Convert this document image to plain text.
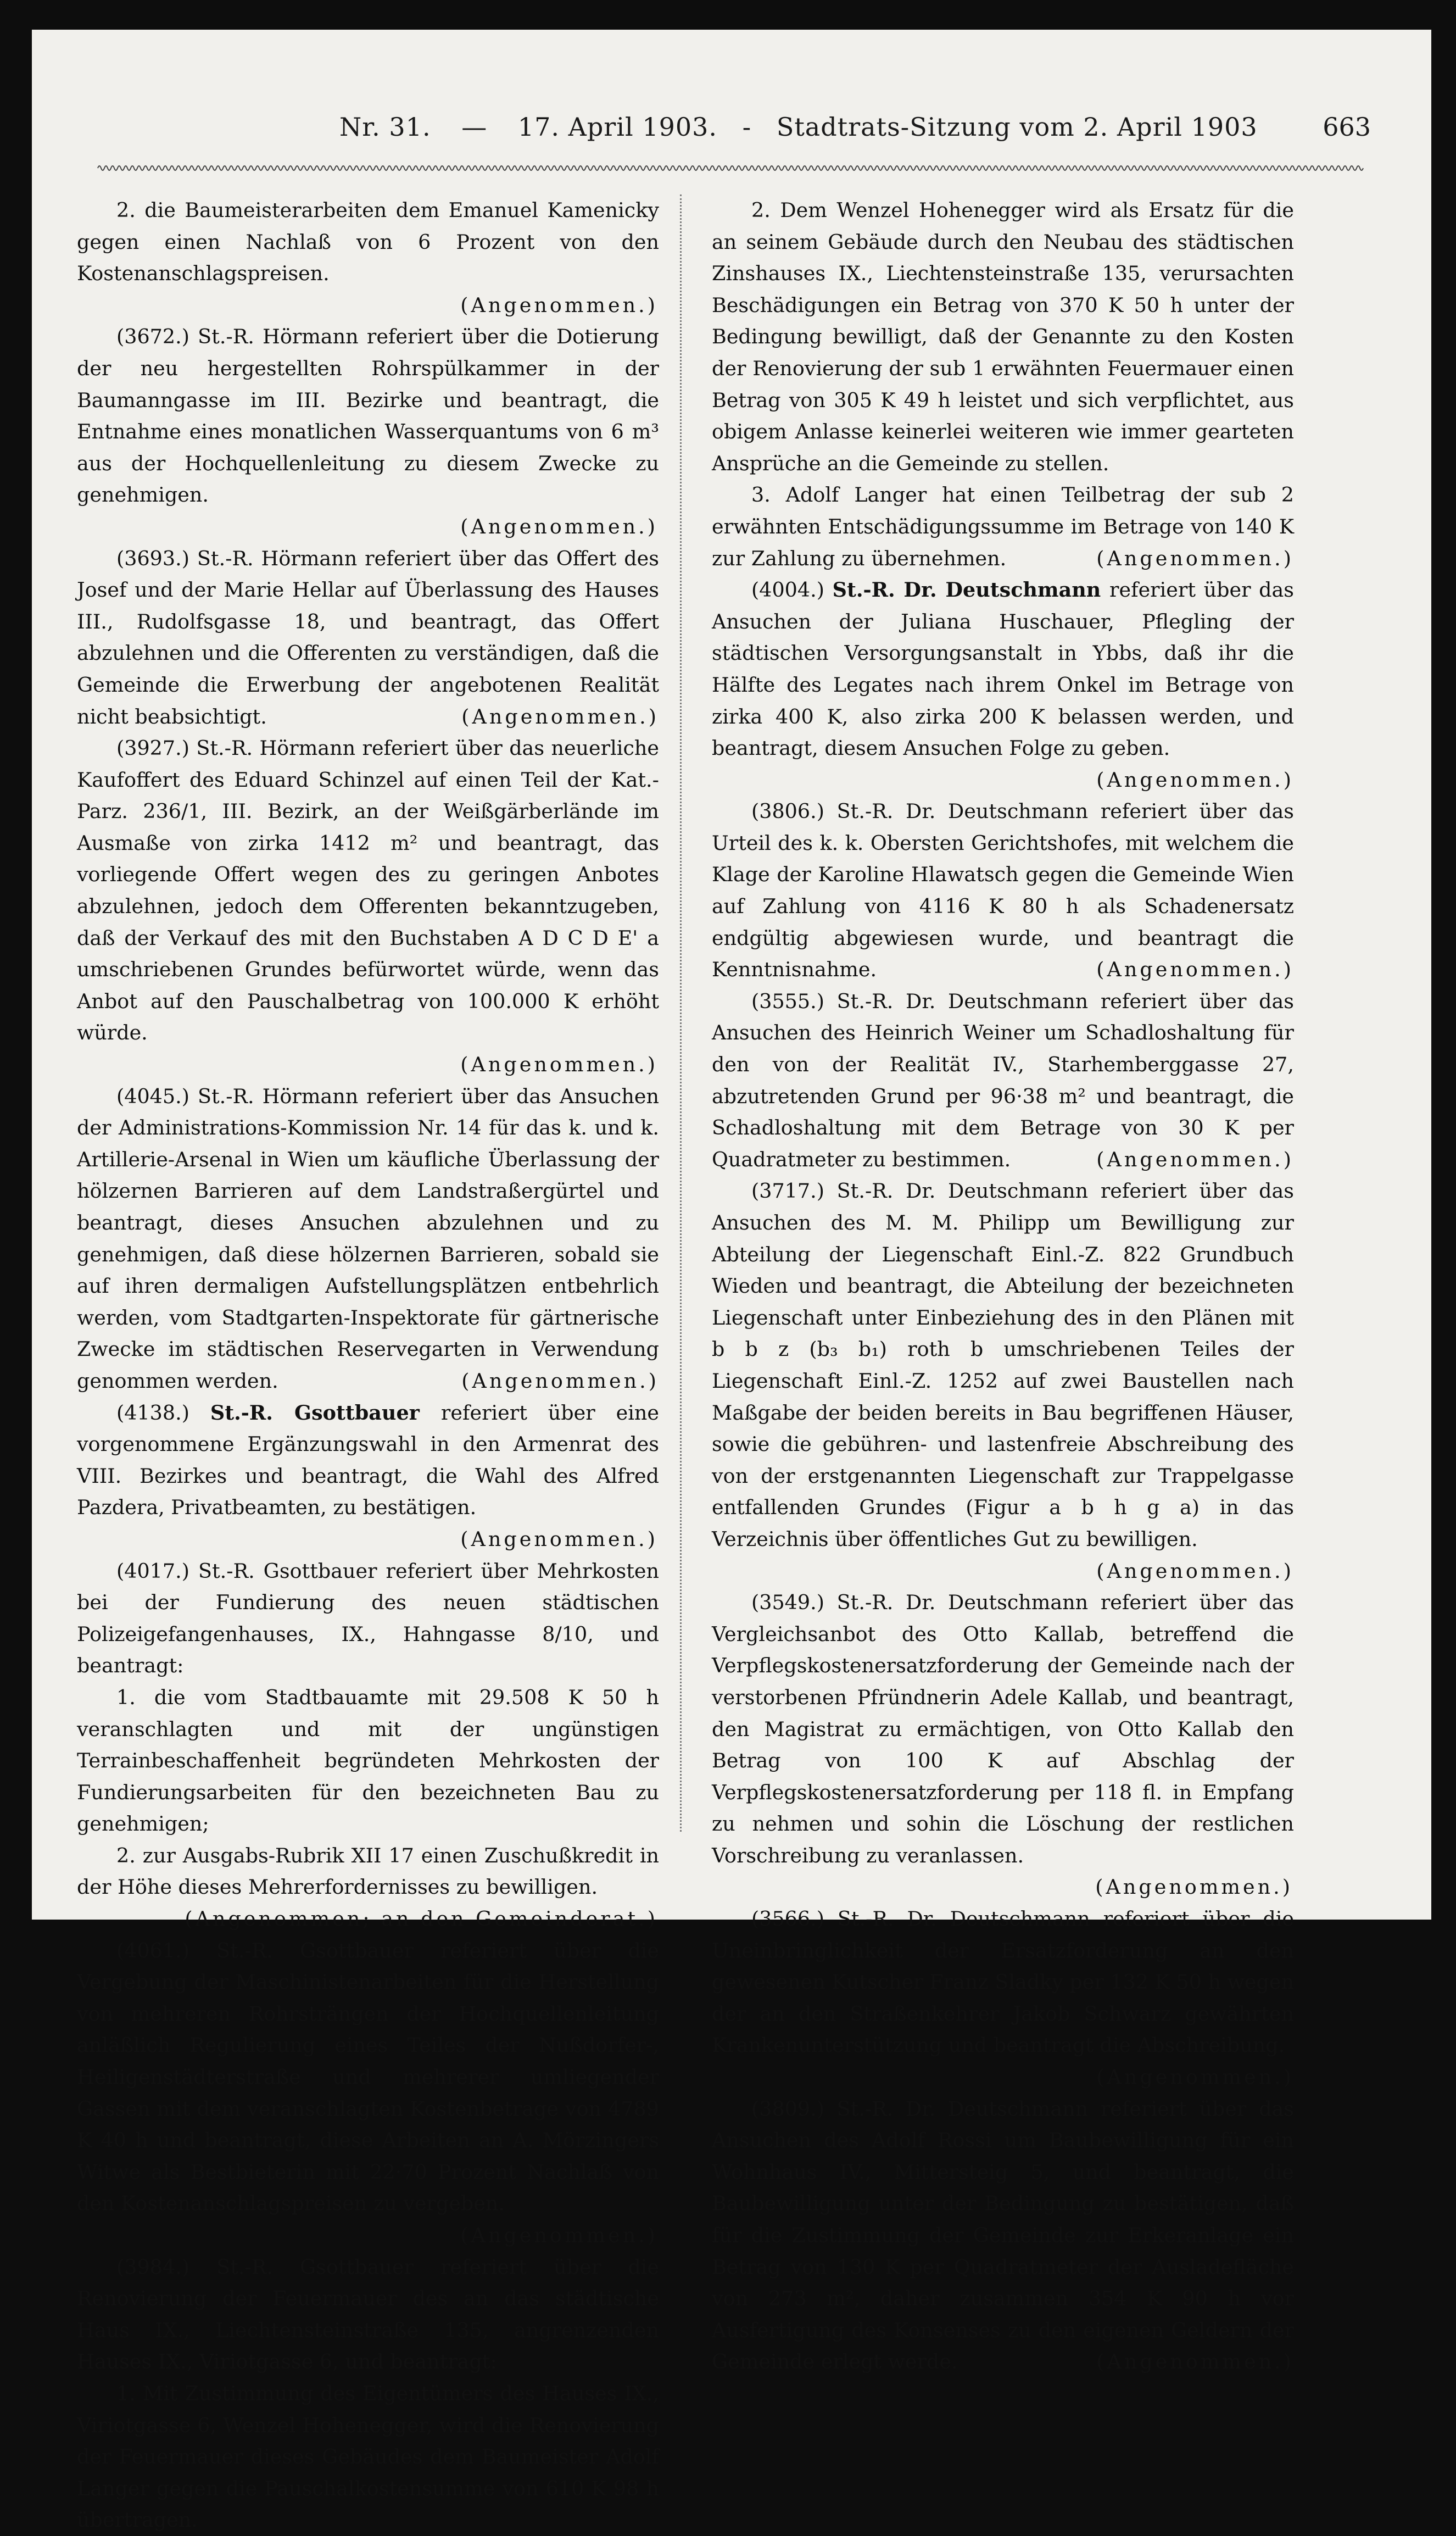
Nr. 31. — 17. April 1903. - Stadtrats-Sitzung vom 2. April 1903	663

2. die Baumeisterarbeiten dem Emanuel Kamenicky gegen einen Nachlaß von 6 Prozent von den Kostenanschlagspreisen.

(Angenommen.)

(3672.) St.-R. Hörmann referiert über die Dotierung der neu hergestellten Rohrspülkammer in der Baumanngasse im III. Bezirke und beantragt, die Entnahme eines monatlichen Wasserquantums von 6 m³ aus der Hochquellenleitung zu diesem Zwecke zu genehmigen.

(Angenommen.)

(3693.) St.-R. Hörmann referiert über das Offert des Josef und der Marie Hellar auf Überlassung des Hauses III., Rudolfsgasse 18, und beantragt, das Offert abzulehnen und die Offerenten zu verständigen, daß die Gemeinde die Erwerbung der angebotenen Realität nicht beabsichtigt.	(Angenommen.)

(3927.) St.-R. Hörmann referiert über das neuerliche Kaufoffert des Eduard Schinzel auf einen Teil der Kat.-Parz. 236/1, III. Bezirk, an der Weißgärberlände im Ausmaße von zirka 1412 m² und beantragt, das vorliegende Offert wegen des zu geringen Anbotes abzulehnen, jedoch dem Offerenten bekanntzugeben, daß der Verkauf des mit den Buchstaben A D C D E' a umschriebenen Grundes befürwortet würde, wenn das Anbot auf den Pauschalbetrag von 100.000 K erhöht würde.

(Angenommen.)

(4045.) St.-R. Hörmann referiert über das Ansuchen der Administrations-Kommission Nr. 14 für das k. und k. Artillerie-Arsenal in Wien um käufliche Überlassung der hölzernen Barrieren auf dem Landstraßergürtel und beantragt, dieses Ansuchen abzulehnen und zu genehmigen, daß diese hölzernen Barrieren, sobald sie auf ihren dermaligen Aufstellungsplätzen entbehrlich werden, vom Stadtgarten-Inspektorate für gärtnerische Zwecke im städtischen Reservegarten in Verwendung genommen werden.	(Angenommen.)

(4138.) St.-R. Gsottbauer referiert über eine vorgenommene Ergänzungswahl in den Armenrat des VIII. Bezirkes und beantragt, die Wahl des Alfred Pazdera, Privatbeamten, zu bestätigen.

(Angenommen.)

(4017.) St.-R. Gsottbauer referiert über Mehrkosten bei der Fundierung des neuen städtischen Polizeigefangenhauses, IX., Hahngasse 8/10, und beantragt:

1. die vom Stadtbauamte mit 29.508 K 50 h veranschlagten und mit der ungünstigen Terrainbeschaffenheit begründeten Mehrkosten der Fundierungsarbeiten für den bezeichneten Bau zu genehmigen;

2. zur Ausgabs-Rubrik XII 17 einen Zuschußkredit in der Höhe dieses Mehrerfordernisses zu bewilligen.

(Angenommen; an den Gemeinderat.)

(4061.) St.-R. Gsottbauer referiert über die Vergebung der Maschinistenarbeiten für die Herstellung von mehreren Rohrsträngen der Hochquellenleitung anläßlich Regulierung eines Teiles der Nußdorfer-, Heiligenstädterstraße und mehrerer umliegender Gassen mit dem veranschlagten Kostenbetrage von 4789 K 40 h und beantragt, diese Arbeiten an A. Mörzingers Witwe als Bestbieterin mit 22·70 Prozent Nachlaß von den Kostenanschlagspreisen zu vergeben.

(Angenommen.)

(3984.) St.-R. Gsottbauer referiert über die Renovierung der Feuermauer des an das städtische Haus IX., Liechtensteinstraße 135, angrenzenden Hauses IX., Viriotgasse 6, und beantragt:

1. Mit Zustimmung des Eigentümers des Hauses IX., Viriotgasse 6, Wenzel Hohenegger, wird die Renovierung der Feuermauer dieses Gebäudes dem Baumeister Adolf Langer gegen die Pauschalkostensumme von 610 K 98 h übertragen.

2. Dem Wenzel Hohenegger wird als Ersatz für die an seinem Gebäude durch den Neubau des städtischen Zinshauses IX., Liechtensteinstraße 135, verursachten Beschädigungen ein Betrag von 370 K 50 h unter der Bedingung bewilligt, daß der Genannte zu den Kosten der Renovierung der sub 1 erwähnten Feuermauer einen Betrag von 305 K 49 h leistet und sich verpflichtet, aus obigem Anlasse keinerlei weiteren wie immer gearteten Ansprüche an die Gemeinde zu stellen.

3. Adolf Langer hat einen Teilbetrag der sub 2 erwähnten Entschädigungssumme im Betrage von 140 K zur Zahlung zu übernehmen.	(Angenommen.)

(4004.) St.-R. Dr. Deutschmann referiert über das Ansuchen der Juliana Huschauer, Pflegling der städtischen Versorgungsanstalt in Ybbs, daß ihr die Hälfte des Legates nach ihrem Onkel im Betrage von zirka 400 K, also zirka 200 K belassen werden, und beantragt, diesem Ansuchen Folge zu geben.
(Angenommen.)

(3806.) St.-R. Dr. Deutschmann referiert über das Urteil des k. k. Obersten Gerichtshofes, mit welchem die Klage der Karoline Hlawatsch gegen die Gemeinde Wien auf Zahlung von 4116 K 80 h als Schadenersatz endgültig abgewiesen wurde, und beantragt die Kenntnisnahme.	(Angenommen.)

(3555.) St.-R. Dr. Deutschmann referiert über das Ansuchen des Heinrich Weiner um Schadloshaltung für den von der Realität IV., Starhemberggasse 27, abzutretenden Grund per 96·38 m² und beantragt, die Schadloshaltung mit dem Betrage von 30 K per Quadratmeter zu bestimmen.	(Angenommen.)

(3717.) St.-R. Dr. Deutschmann referiert über das Ansuchen des M. M. Philipp um Bewilligung zur Abteilung der Liegenschaft Einl.-Z. 822 Grundbuch Wieden und beantragt, die Abteilung der bezeichneten Liegenschaft unter Einbeziehung des in den Plänen mit b b z (b₃ b₁) roth b umschriebenen Teiles der Liegenschaft Einl.-Z. 1252 auf zwei Baustellen nach Maßgabe der beiden bereits in Bau begriffenen Häuser, sowie die gebühren- und lastenfreie Abschreibung des von der erstgenannten Liegenschaft zur Trappelgasse entfallenden Grundes (Figur a b h g a) in das Verzeichnis über öffentliches Gut zu bewilligen.
(Angenommen.)

(3549.) St.-R. Dr. Deutschmann referiert über das Vergleichsanbot des Otto Kallab, betreffend die Verpflegskostenersatzforderung der Gemeinde nach der verstorbenen Pfründnerin Adele Kallab, und beantragt, den Magistrat zu ermächtigen, von Otto Kallab den Betrag von 100 K auf Abschlag der Verpflegskostenersatzforderung per 118 fl. in Empfang zu nehmen und sohin die Löschung der restlichen Vorschreibung zu veranlassen.

(Angenommen.)

(3566.) St.-R. Dr. Deutschmann referiert über die Uneinbringlichkeit der Ersatzforderung an den gewesenen Kutscher Franz Sladky per 132 K 50 h wegen der an den Straßenkehrer Jakob Schwarz gewährten Krankenunterstützung und beantragt die Abschreibung.
(Angenommen.)

(3809.) St.-R. Dr. Deutschmann referiert über das Ansuchen des Adolf Rossi um Baubewilligung für ein Wohnhaus IV., Mittersteig 5, und beantragt, die Baubewilligung unter der Bedingung zu bestätigen, daß für die Zustimmung der Gemeinde zur Erkeranlage ein Betrag von 130 K per Quadratmeter der Ausladefläche von 273 m², daher zusammen 354 K 90 h vor Ausfertigung des Konsenses zu den eigenen Geldern der Gemeinde erlegt werde.	(Angenommen.)
